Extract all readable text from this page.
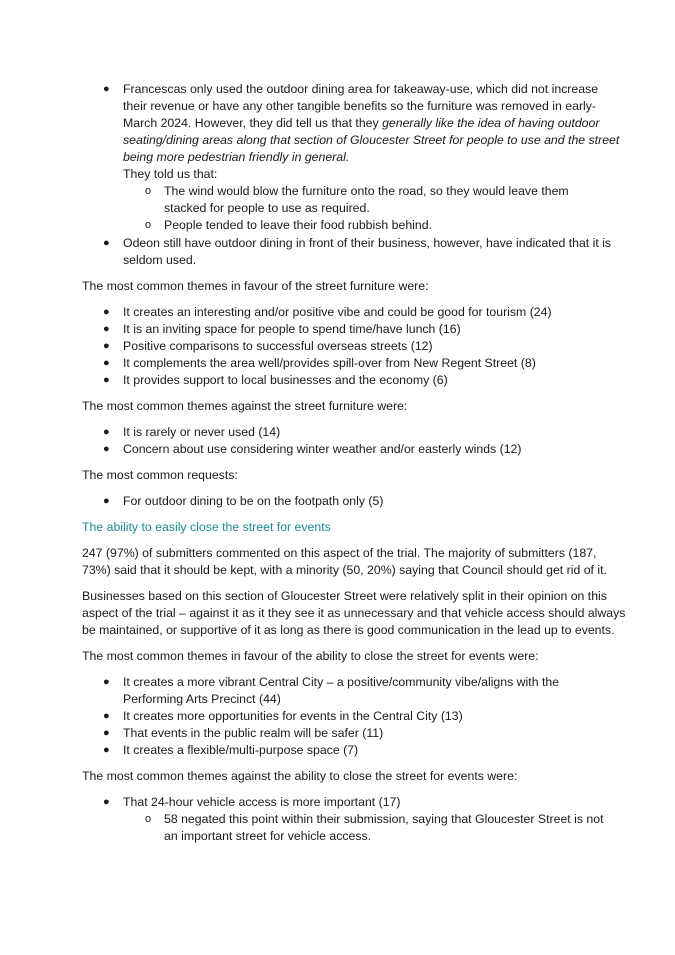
● Francescas only used the outdoor dining area for takeaway-use, which did not increase
their revenue or have any other tangible benefits so the furniture was removed in early-
March 2024. However, they did tell us that they generally like the idea of having outdoor
seating/dining areas along that section of Gloucester Street for people to use and the street
being more pedestrian friendly in general.
They told us that:
o The wind would blow the furniture onto the road, so they would leave them
stacked for people to use as required.
o People tended to leave their food rubbish behind.
● Odeon still have outdoor dining in front of their business, however, have indicated that it is
seldom used.
The most common themes in favour of the street furniture were:
● It creates an interesting and/or positive vibe and could be good for tourism (24)
● It is an inviting space for people to spend time/have lunch (16)
● Positive comparisons to successful overseas streets (12)
● It complements the area well/provides spill-over from New Regent Street (8)
● It provides support to local businesses and the economy (6)
The most common themes against the street furniture were:
● It is rarely or never used (14)
● Concern about use considering winter weather and/or easterly winds (12)
The most common requests:
● For outdoor dining to be on the footpath only (5)
The ability to easily close the street for events
247 (97%) of submitters commented on this aspect of the trial. The majority of submitters (187,
73%) said that it should be kept, with a minority (50, 20%) saying that Council should get rid of it.
Businesses based on this section of Gloucester Street were relatively split in their opinion on this
aspect of the trial – against it as it they see it as unnecessary and that vehicle access should always
be maintained, or supportive of it as long as there is good communication in the lead up to events.
The most common themes in favour of the ability to close the street for events were:
● It creates a more vibrant Central City – a positive/community vibe/aligns with the
Performing Arts Precinct (44)
● It creates more opportunities for events in the Central City (13)
● That events in the public realm will be safer (11)
● It creates a flexible/multi-purpose space (7)
The most common themes against the ability to close the street for events were:
● That 24-hour vehicle access is more important (17)
o 58 negated this point within their submission, saying that Gloucester Street is not
an important street for vehicle access.
